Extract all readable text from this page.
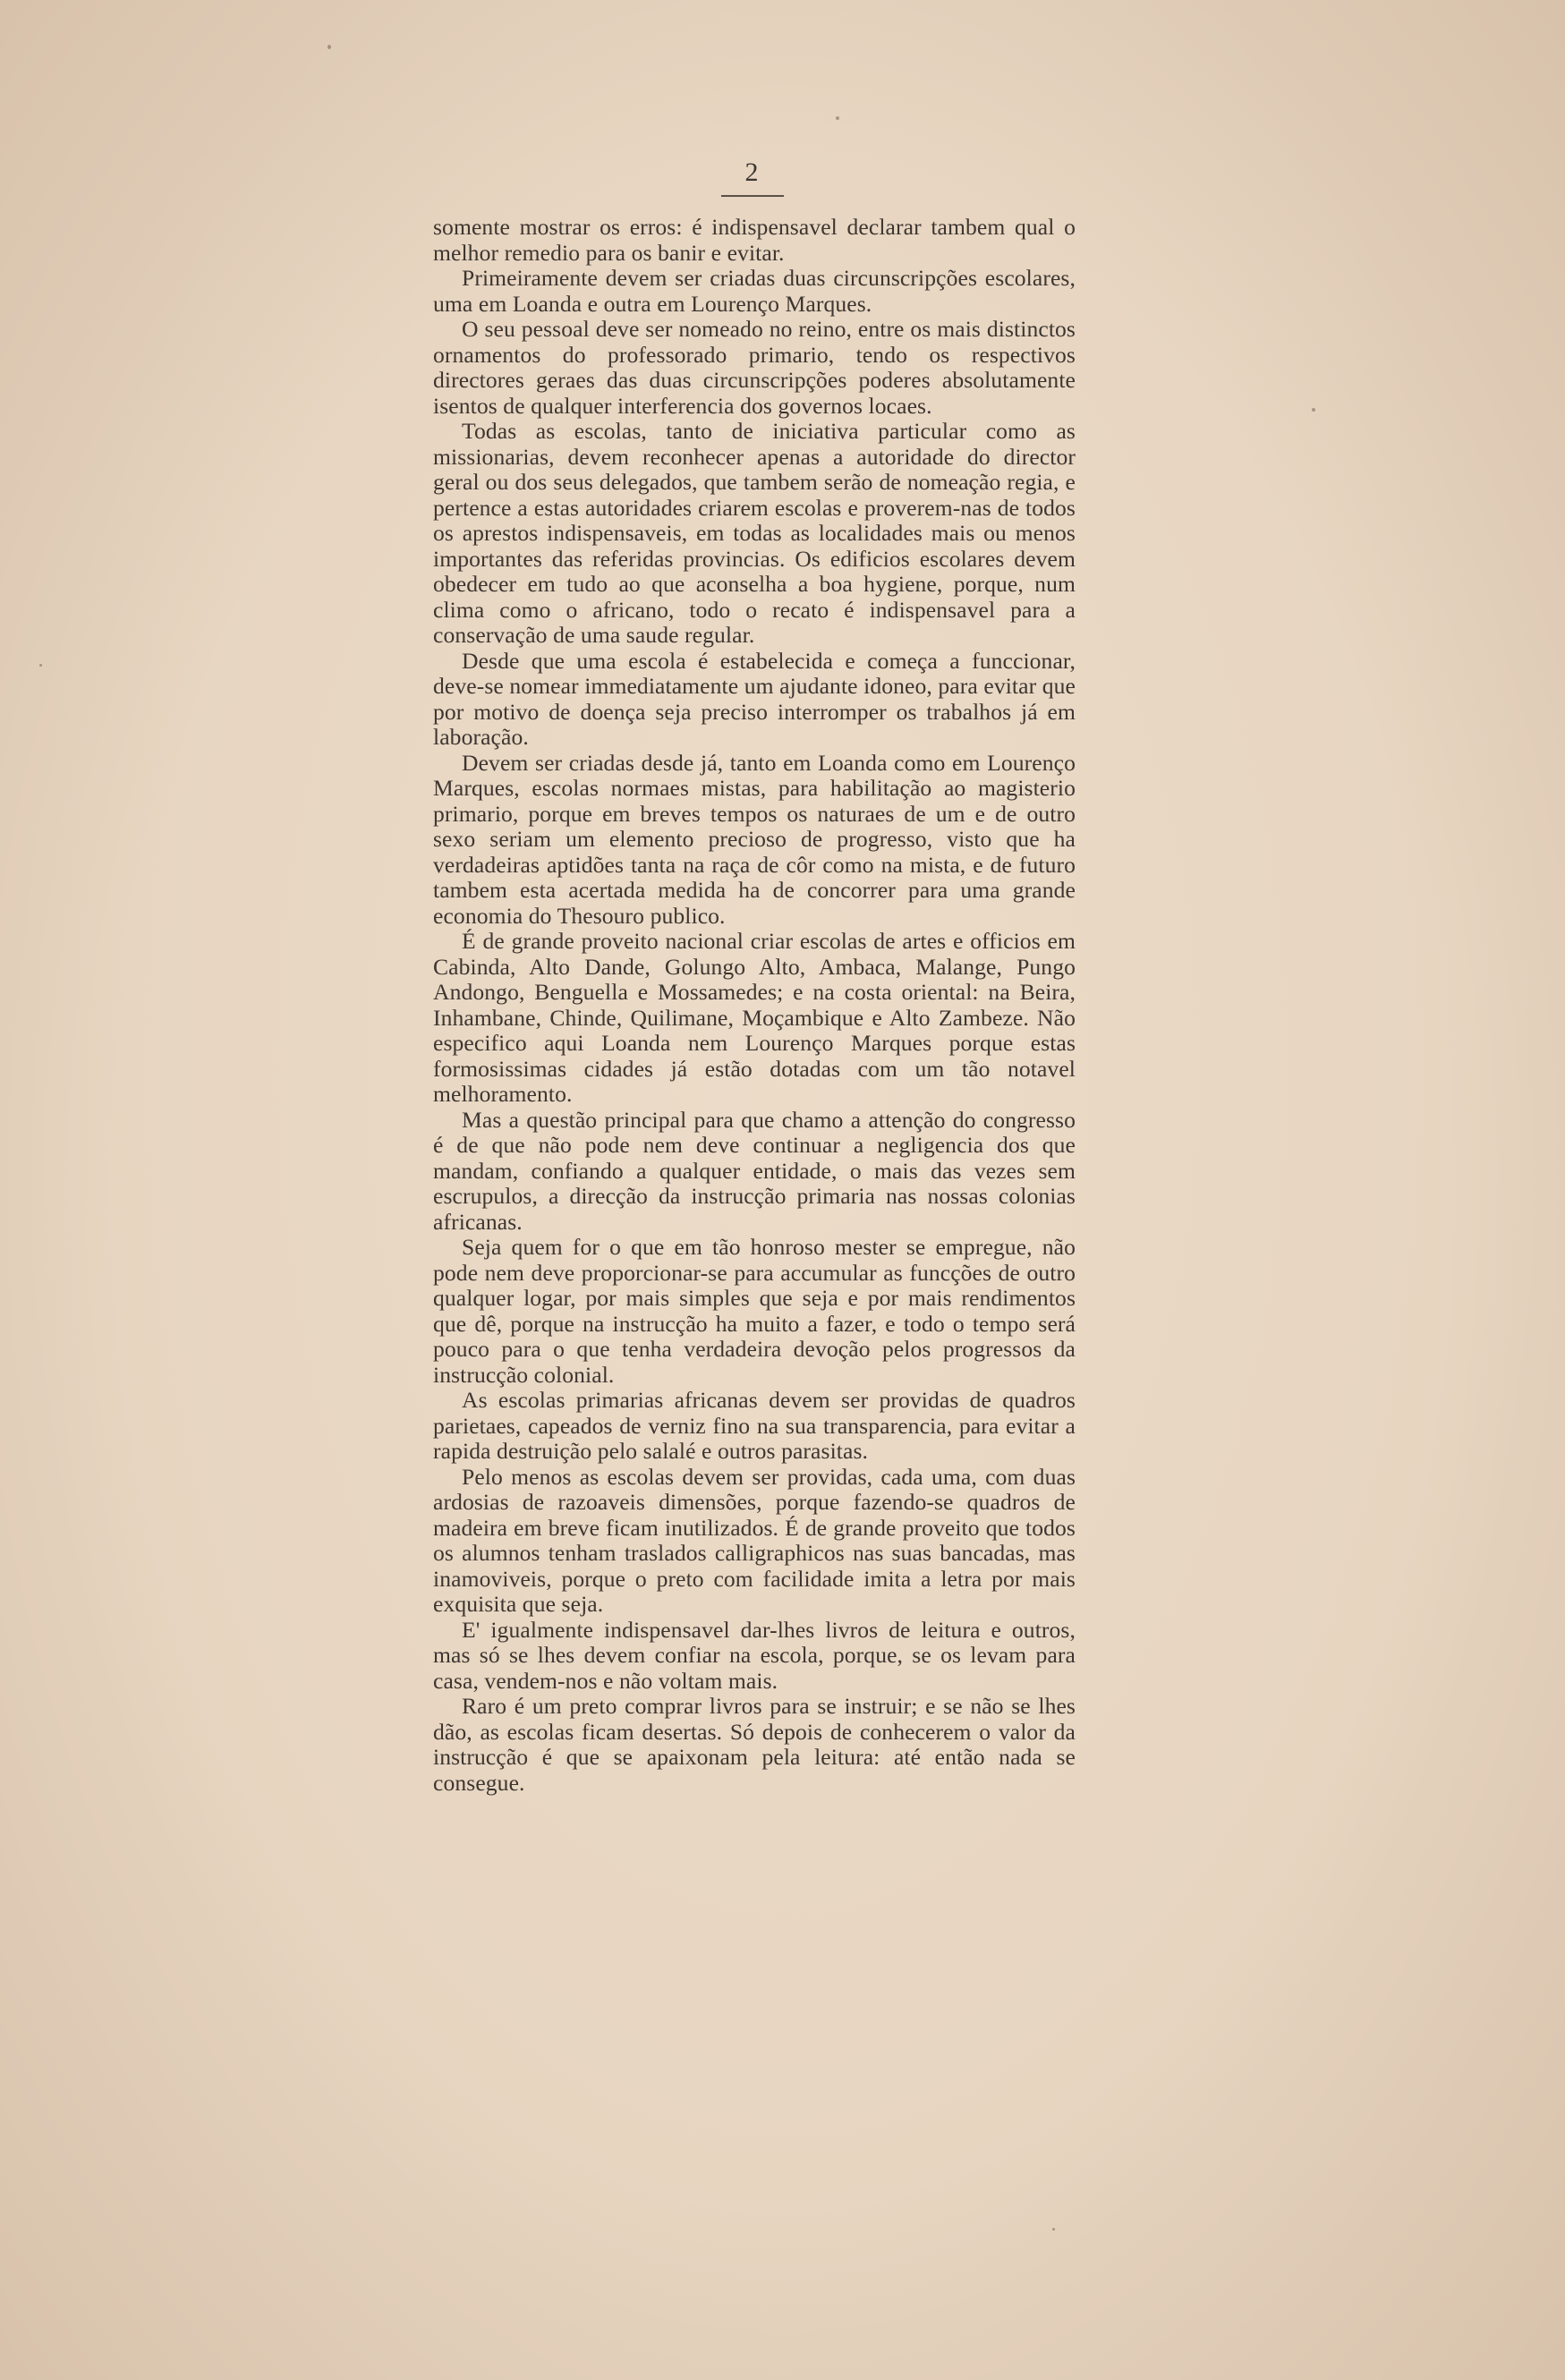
2

somente mostrar os erros: é indispensavel declarar tambem qual o melhor remedio para os banir e evitar.

Primeiramente devem ser criadas duas circunscripções escolares, uma em Loanda e outra em Lourenço Marques.

O seu pessoal deve ser nomeado no reino, entre os mais distinctos ornamentos do professorado primario, tendo os respectivos directores geraes das duas circunscripções poderes absolutamente isentos de qualquer interferencia dos governos locaes.

Todas as escolas, tanto de iniciativa particular como as missionarias, devem reconhecer apenas a autoridade do director geral ou dos seus delegados, que tambem serão de nomeação regia, e pertence a estas autoridades criarem escolas e proverem-nas de todos os aprestos indispensaveis, em todas as localidades mais ou menos importantes das referidas provincias. Os edificios escolares devem obedecer em tudo ao que aconselha a boa hygiene, porque, num clima como o africano, todo o recato é indispensavel para a conservação de uma saude regular.

Desde que uma escola é estabelecida e começa a funccionar, deve-se nomear immediatamente um ajudante idoneo, para evitar que por motivo de doença seja preciso interromper os trabalhos já em laboração.

Devem ser criadas desde já, tanto em Loanda como em Lourenço Marques, escolas normaes mistas, para habilitação ao magisterio primario, porque em breves tempos os naturaes de um e de outro sexo seriam um elemento precioso de progresso, visto que ha verdadeiras aptidões tanta na raça de côr como na mista, e de futuro tambem esta acertada medida ha de concorrer para uma grande economia do Thesouro publico.

É de grande proveito nacional criar escolas de artes e officios em Cabinda, Alto Dande, Golungo Alto, Ambaca, Malange, Pungo Andongo, Benguella e Mossamedes; e na costa oriental: na Beira, Inhambane, Chinde, Quilimane, Moçambique e Alto Zambeze. Não especifico aqui Loanda nem Lourenço Marques porque estas formosissimas cidades já estão dotadas com um tão notavel melhoramento.

Mas a questão principal para que chamo a attenção do congresso é de que não pode nem deve continuar a negligencia dos que mandam, confiando a qualquer entidade, o mais das vezes sem escrupulos, a direcção da instrucção primaria nas nossas colonias africanas.

Seja quem for o que em tão honroso mester se empregue, não pode nem deve proporcionar-se para accumular as funcções de outro qualquer logar, por mais simples que seja e por mais rendimentos que dê, porque na instrucção ha muito a fazer, e todo o tempo será pouco para o que tenha verdadeira devoção pelos progressos da instrucção colonial.

As escolas primarias africanas devem ser providas de quadros parietaes, capeados de verniz fino na sua transparencia, para evitar a rapida destruição pelo salalé e outros parasitas.

Pelo menos as escolas devem ser providas, cada uma, com duas ardosias de razoaveis dimensões, porque fazendo-se quadros de madeira em breve ficam inutilizados. É de grande proveito que todos os alumnos tenham traslados calligraphicos nas suas bancadas, mas inamoviveis, porque o preto com facilidade imita a letra por mais exquisita que seja.

E' igualmente indispensavel dar-lhes livros de leitura e outros, mas só se lhes devem confiar na escola, porque, se os levam para casa, vendem-nos e não voltam mais.

Raro é um preto comprar livros para se instruir; e se não se lhes dão, as escolas ficam desertas. Só depois de conhecerem o valor da instrucção é que se apaixonam pela leitura: até então nada se consegue.
